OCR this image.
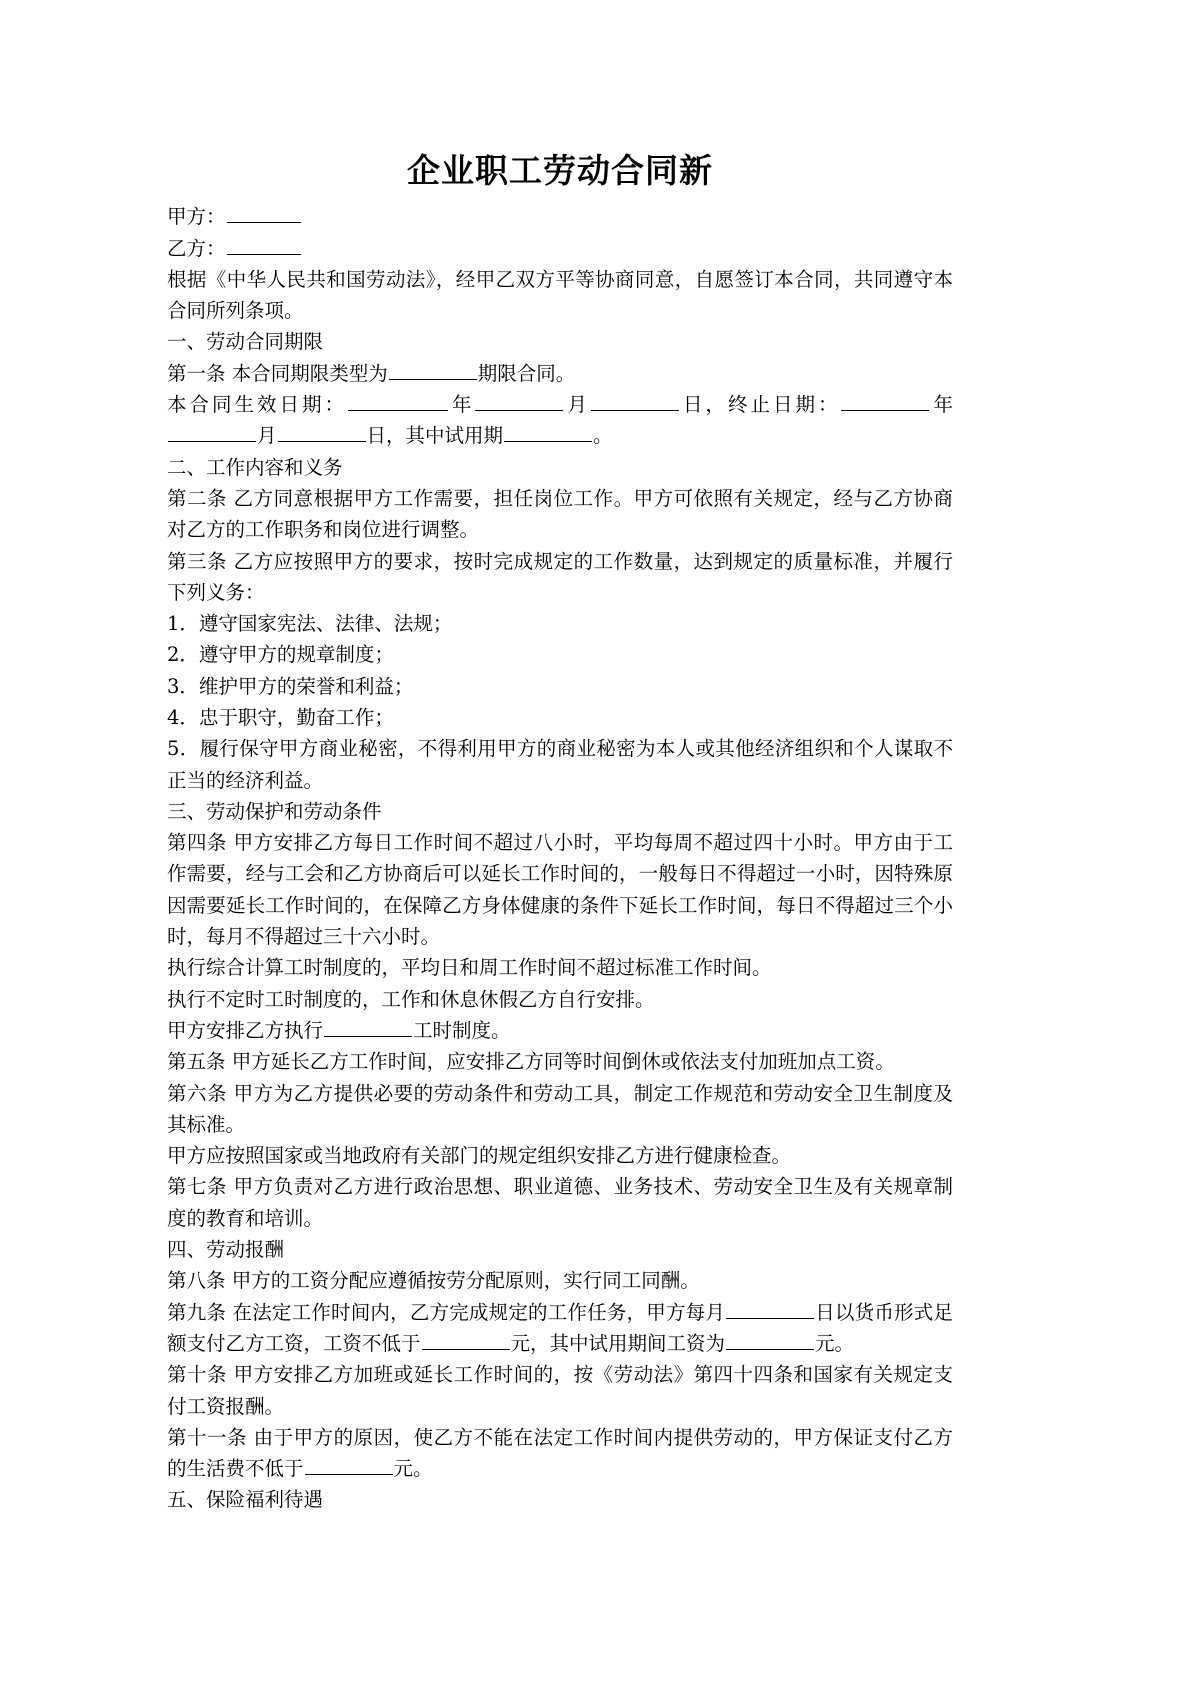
企业职工劳动合同新

甲方：

乙方：

根据《中华人民共和国劳动法》，经甲乙双方平等协商同意，自愿签订本合同，共同遵守本合同所列条项。

一、劳动合同期限

第一条 本合同期限类型为	期限合同。

本合同生效日期：	年	月	日，终止日期：	年月	日，其中试用期	。

二、工作内容和义务

第二条 乙方同意根据甲方工作需要，担任岗位工作。甲方可依照有关规定，经与乙方协商对乙方的工作职务和岗位进行调整。

第三条 乙方应按照甲方的要求，按时完成规定的工作数量，达到规定的质量标准，并履行下列义务：

1．遵守国家宪法、法律、法规；

2．遵守甲方的规章制度；

3．维护甲方的荣誉和利益；

4．忠于职守，勤奋工作；

5．履行保守甲方商业秘密，不得利用甲方的商业秘密为本人或其他经济组织和个人谋取不正当的经济利益。

三、劳动保护和劳动条件

第四条 甲方安排乙方每日工作时间不超过八小时，平均每周不超过四十小时。甲方由于工作需要，经与工会和乙方协商后可以延长工作时间的，一般每日不得超过一小时，因特殊原因需要延长工作时间的，在保障乙方身体健康的条件下延长工作时间，每日不得超过三个小时，每月不得超过三十六小时。

执行综合计算工时制度的，平均日和周工作时间不超过标准工作时间。

执行不定时工时制度的，工作和休息休假乙方自行安排。

甲方安排乙方执行	工时制度。

第五条 甲方延长乙方工作时间，应安排乙方同等时间倒休或依法支付加班加点工资。

第六条 甲方为乙方提供必要的劳动条件和劳动工具，制定工作规范和劳动安全卫生制度及其标准。

甲方应按照国家或当地政府有关部门的规定组织安排乙方进行健康检查。

第七条 甲方负责对乙方进行政治思想、职业道德、业务技术、劳动安全卫生及有关规章制度的教育和培训。

四、劳动报酬

第八条 甲方的工资分配应遵循按劳分配原则，实行同工同酬。

第九条 在法定工作时间内，乙方完成规定的工作任务，甲方每月	日以货币形式足额支付乙方工资，工资不低于	元，其中试用期间工资为	元。

第十条 甲方安排乙方加班或延长工作时间的，按《劳动法》第四十四条和国家有关规定支付工资报酬。

第十一条 由于甲方的原因，使乙方不能在法定工作时间内提供劳动的，甲方保证支付乙方的生活费不低于	元。

五、保险福利待遇
